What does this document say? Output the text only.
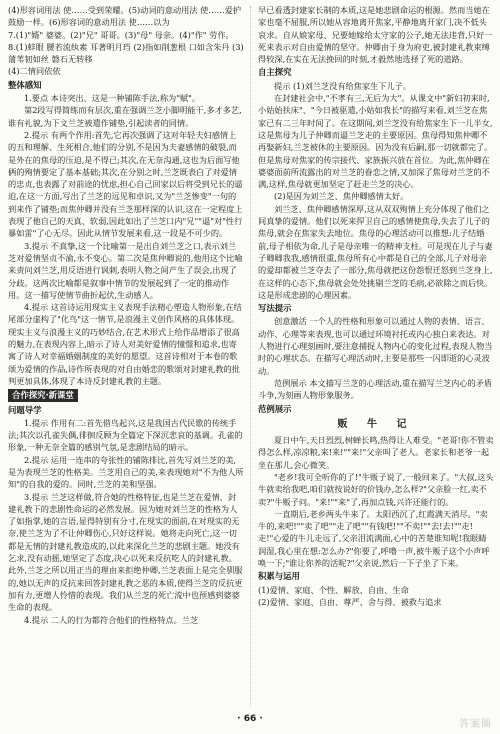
(4)形容词用法 使……受到荣耀。(5)动词的意动用法 使……爱护鼓励一样。(6)形容词的意动用法 使……以为

7.(1)"婿" 婆婆。(2)"兄" 哥哥。(3)"母" 母亲。(4)"作" 劳作。

8.(1)蚌眼 腰若流纨素 耳著明月珰 (2)指如削葱根 口如含朱丹 (3)蒲苇韧如丝 磐石无转移

(4)二情同依依

整体感知

1.要点 本诗突出、这是一种铺陈手法,称为"赋"。

第2段写得简练而有层次,重在强调兰芝小脚明能干,多才多艺,谁有礼貌,为下文兰芝被遣作铺垫,引起读者的同情。

2.提示 有两个作用:首先,它再次强调了这对年轻夫妇感情上的五和理解、生死相合,他们的分别,不是因为夫妻感情的破裂,而是外在的焦母的压迫,是不得已;其次,在无奈沟通,这也为后面写他俩的殉情要定了基本基础;其次,在分别之时,兰芝既表白了对爱情的忠贞,也表露了对前途的忧虑,担心自己回家以后将受到兄长的逼迫,在这一方面,写出了兰芝的远见和卓识,又为"兰芝惨变"一句的到来作了铺垫;而焦仲卿并没有兰芝那样深的认识,这在一定程度上表现了他自己的天真、软弱,因此如出了兰芝口内"兄""逼"对"性行暴如雷"了心无尽。因此从情节发展来看,这一段是不可少的。

3.提示 不真挚,这一个比喻第一是出自刘兰芝之口,表示刘兰芝对爱情坚贞不渝,永不变心。第二次是焦仲卿说的,他用这个比喻来责问刘兰芝,用反语进行讽刺,表明人物之间产生了误会,出现了分歧。这两次比喻都是叙事中情节的发展起到了一定的推动作用。这一描写使情节曲折起伏,生动感人。

4.提示 这首诗运用现实主义表现手法精心塑造人物形象,在结尾部分虚构了"化鸟"这一情节,是浪漫主义创作风格的具体体现。现实主义与浪漫主义的巧妙结合,在艺术形式上给作品增添了很高的魅力,在表现内容上,暗示了诗人对美好爱情的憧憬和追求,也寄寓了诗人对幸福婚姻制度的美好的愿望。这首诗相对于本卷的歌颂为爱情的作品,诗作所表现的对自由婚恋的歌颂对封建礼教的批判更加具体,体现了本诗反封建礼教的主题。

合作探究·新课堂
问题导学

1.提示 作用有二:首先借鸟起兴,这是我国古代民歌的传统手法;其次以孔雀失偶,徘徊反顾为全篇定下深沉悲哀的基调。孔雀的形象,一种无奈全篇的感别气氛,是悲剧结局的暗示。

2.提示 运用一连串的夸张性的铺陈排比,首先写刘兰芝的美,是为表现兰芝的性格美。兰芝用自己的美,来表现她对"不为他人所知"的自我的爱的。同时,兰芝的美和坚强。

3.提示 兰芝这样做,符合她的性格特征,也是兰芝在爱情、封建礼教下的悲剧性命运的必然发展。因为她对刘兰芝的性格为人了如指掌,她的言语,显得特别有分寸,在现实的面前,在对现实的无奈,使兰芝为了不让仲卿伤心,只好这样说。她将走向死亡,这一切都是无情的封建礼教造成的,以此来深化兰芝的悲剧主题。她没有乞求,没有动摇,她坚定了态度,决心以死来反抗吃人的封建礼教。此外,兰芝之所以用正当的理由来拒绝仲卿,兰芝表面上是完全驯服的,她以无声的反抗来回答封建礼教之恶的本质,使得兰芝的反抗更加有力,更增人怜惜的表现。我们从兰芝的死亡流中也预感到婆婆生命的表现。

4.提示 二人的行为都符合他们的性格特点。兰芝

早已看透封建家长制的本质,这是她悲剧命运的根源。然而当她在家也毫不屈服,所以她从容地离开焦家,平静地离开家门,决不低头哀求。自从娘家母、兄要她嫁给太守家的公子,她无法违背,只好一死来表示对自由爱情的坚守。仲卿由于身为府吏,被封建礼教束缚得较深,在实在无法挽回的时刻,才毅然地选择了死的道路。

自主探究

提示 (1)刘兰芝没有给焦家生下儿子。

在封建社会中,"不孝有三,无后为大"。从课文中"新妇初来时,小姑始扶床"、"今日被驱遣,小姑如我长"的描写来看,刘兰芝在焦家已有二三年时间了。在这期间,刘兰芝没有给焦家生下一儿半女,这是焦母为儿子仲卿而逼兰芝走的主要原因。焦母得知焦仲卿不再娶新妇,兰芝被休的主要原因。因为没有后嗣,那一切就都完了。但是焦母对焦家的传宗接代、家族振兴放在首位。为此,焦仲卿在婆婆面前所流露出的对兰芝的眷恋之情,又加深了焦母对兰芝的不满,这样,焦母就更加坚定了赶走兰芝的决心。

(2)是因为刘兰芝、焦仲卿感情太好。

刘兰芝、焦仲卿感情深厚,这从双双殉情上充分体现了他们之间真挚的爱情。他们以死来捍卫自己的感情使焦母,失去了儿子的焦母,就会在焦家失去地位。焦母的心理活动可以推想:儿子结婚前,母子相依为命,儿子是母亲唯一的精神支柱。可是现在儿子与妻子卿卿我我,感情很重,焦母所有心中都是自己的全部,儿子对母亲的爱却都被兰芝夺去了一部分,焦母就把这份怨恨迁怒到兰芝身上,在这样的心态下,焦母就会处处挑剔兰芝的毛病,必欲除之而后快。这是形成悲剧的心理因素。

写法提示

创意激活 一个人的性格和形象可以通过人物的表情、语言、动作、心理等来表现,也可以通过环境衬托或内心独白来表达。对人物进行心理刻画时,要注意捕捉人物内心的变化过程,表现人物当时的心理状态。在描写心理活动时,主要是那些一闪即逝的心灵波动。

范例展示 本文描写兰芝的心理活动,重在描写兰芝内心的矛盾斗争,为刻画人物形象服务。

范例展示
贩 牛 记

夏日中午,天日烈烈,树蝉长鸣,热得让人难受。"老哥!你不管卖得怎么样,凉凉粮,来!来!""来!"父亲叫了老人。老家长和老爷一起坐在那儿,会心微笑。

"老乡!我可全听你的了!"牛贩子说了,一般回来了。"大叔,这头牛就卖给我吧,咱们就按说好的价钱办,怎么样?"父亲脸一红,卖不卖?"牛贩子问。"来!""来"了,再加点钱,兴许还能行的。

一直期后,老乡两头牛来了。太阳西沉了,红霞满天消尽。"卖牛的,来吧!""卖了吧""走了吧""有钱吧!""不卖!""去!去!""走!走!"心爱的牛儿走远了,父亲泪流满面,心中的苦楚谁知呢!我眼睛润湿,我心里在想:怎么办?"你要了,呼噜一声,被牛贩子这个小声呼唤一下;"谁让你养的活呢?"父亲说,然后一下子坐了下来。

积累与运用

(1)爱情、家庭、个性、解放、自由、生命

(2)爱情、家庭、自由、尊严、舍与得、被救与追求

· 66 ·	答案圈
